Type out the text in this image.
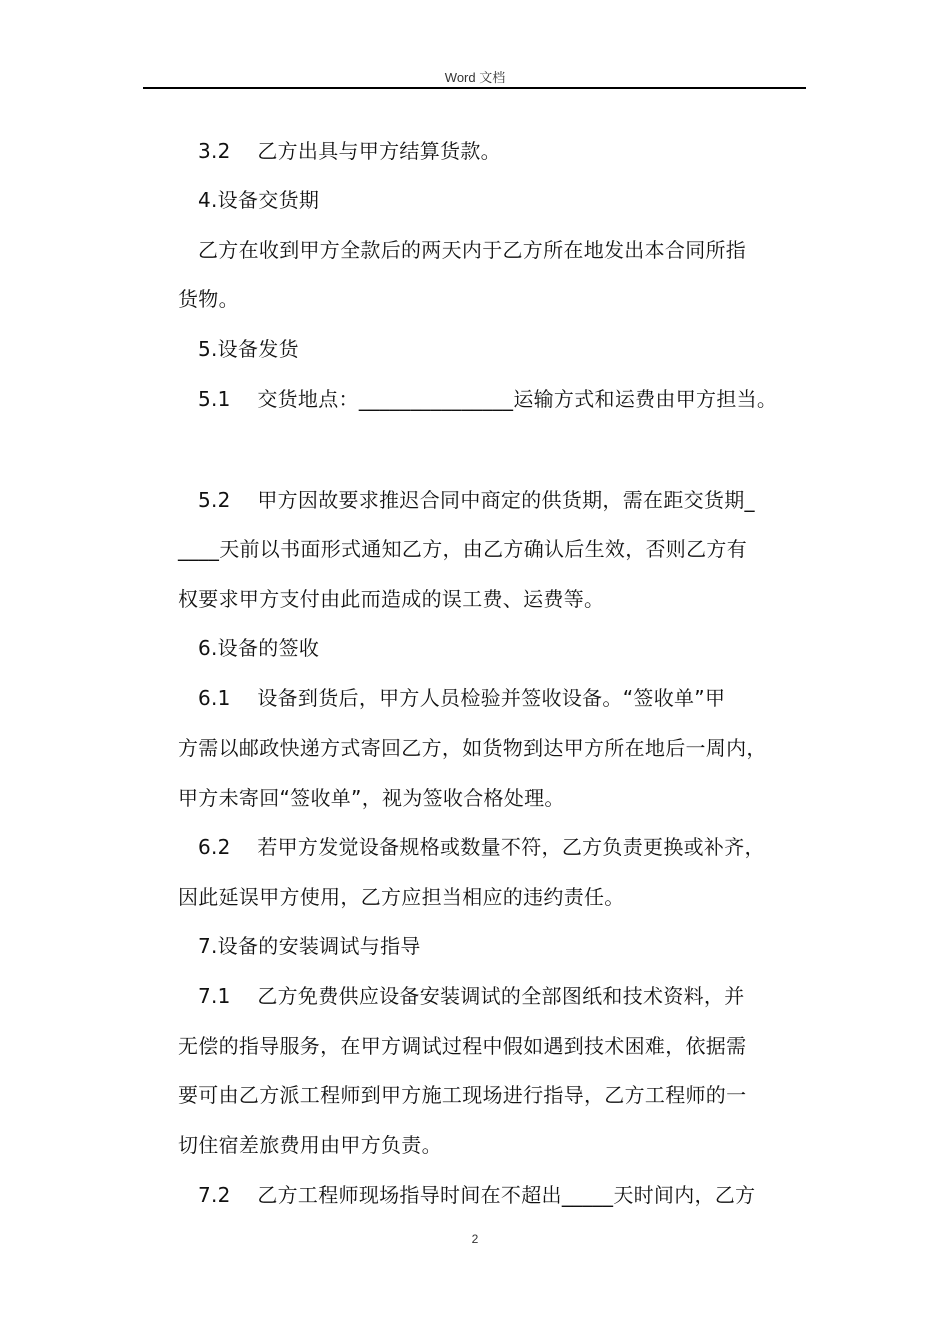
Word 文档
3.2    乙方出具与甲方结算货款。
4.设备交货期
乙方在收到甲方全款后的两天内于乙方所在地发出本合同所指
货物。
5.设备发货
5.1    交货地点：_______________运输方式和运费由甲方担当。
5.2    甲方因故要求推迟合同中商定的供货期，需在距交货期_
____天前以书面形式通知乙方，由乙方确认后生效，否则乙方有
权要求甲方支付由此而造成的误工费、运费等。
6.设备的签收
6.1    设备到货后，甲方人员检验并签收设备。“签收单”甲
方需以邮政快递方式寄回乙方，如货物到达甲方所在地后一周内，
甲方未寄回“签收单”，视为签收合格处理。
6.2    若甲方发觉设备规格或数量不符，乙方负责更换或补齐，
因此延误甲方使用，乙方应担当相应的违约责任。
7.设备的安装调试与指导
7.1    乙方免费供应设备安装调试的全部图纸和技术资料，并
无偿的指导服务，在甲方调试过程中假如遇到技术困难，依据需
要可由乙方派工程师到甲方施工现场进行指导，乙方工程师的一
切住宿差旅费用由甲方负责。
7.2    乙方工程师现场指导时间在不超出_____天时间内，乙方
2
